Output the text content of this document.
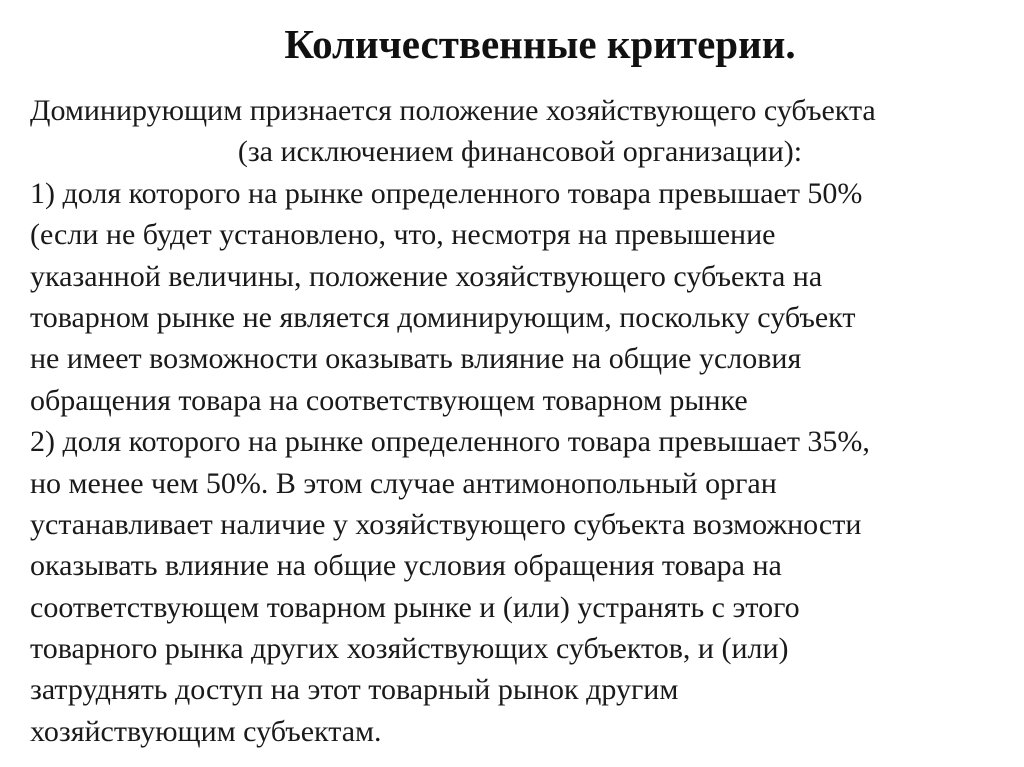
Количественные критерии.
Доминирующим признается положение хозяйствующего субъекта
(за исключением финансовой организации):
1) доля которого на рынке определенного товара превышает 50%
(если не будет установлено, что, несмотря на превышение
указанной величины, положение хозяйствующего субъекта на
товарном рынке не является доминирующим, поскольку субъект
не имеет возможности оказывать влияние на общие условия
обращения товара на соответствующем товарном рынке
2) доля которого на рынке определенного товара превышает 35%,
но менее чем 50%. В этом случае антимонопольный орган
устанавливает наличие у хозяйствующего субъекта возможности
оказывать влияние на общие условия обращения товара на
соответствующем товарном рынке и (или) устранять с этого
товарного рынка других хозяйствующих субъектов, и (или)
затруднять доступ на этот товарный рынок другим
хозяйствующим субъектам.
